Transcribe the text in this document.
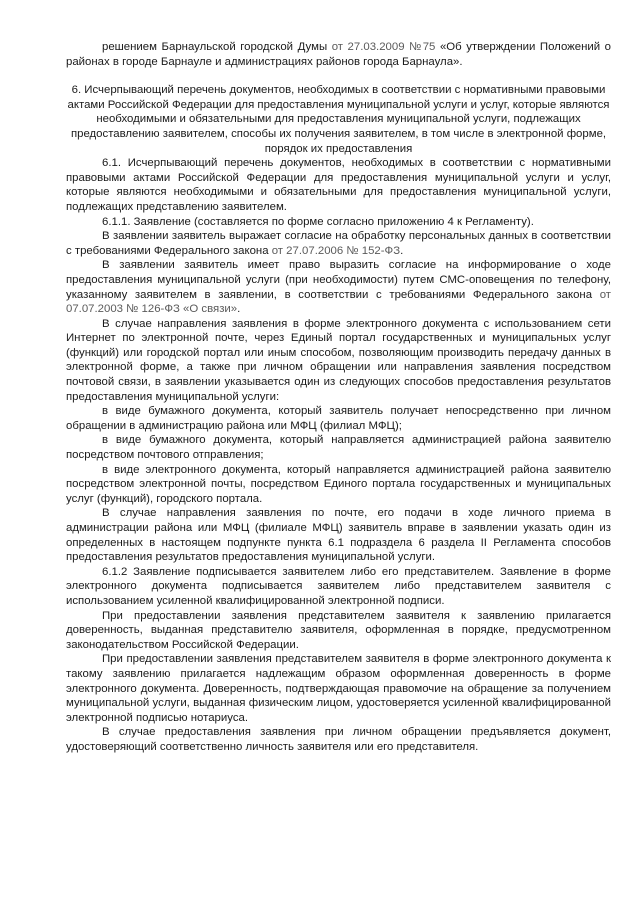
решением Барнаульской городской Думы от 27.03.2009 №75 «Об утверждении Положений о районах в городе Барнауле и администрациях районов города Барнаула».

6. Исчерпывающий перечень документов, необходимых в соответствии с нормативными правовыми актами Российской Федерации для предоставления муниципальной услуги и услуг, которые являются необходимыми и обязательными для предоставления муниципальной услуги, подлежащих предоставлению заявителем, способы их получения заявителем, в том числе в электронной форме, порядок их предоставления

6.1. Исчерпывающий перечень документов, необходимых в соответствии с нормативными правовыми актами Российской Федерации для предоставления муниципальной услуги и услуг, которые являются необходимыми и обязательными для предоставления муниципальной услуги, подлежащих представлению заявителем.

6.1.1. Заявление (составляется по форме согласно приложению 4 к Регламенту).

В заявлении заявитель выражает согласие на обработку персональных данных в соответствии с требованиями Федерального закона от 27.07.2006 № 152-ФЗ.

В заявлении заявитель имеет право выразить согласие на информирование о ходе предоставления муниципальной услуги (при необходимости) путем СМС-оповещения по телефону, указанному заявителем в заявлении, в соответствии с требованиями Федерального закона от 07.07.2003 № 126-ФЗ «О связи».

В случае направления заявления в форме электронного документа с использованием сети Интернет по электронной почте, через Единый портал государственных и муниципальных услуг (функций) или городской портал или иным способом, позволяющим производить передачу данных в электронной форме, а также при личном обращении или направления заявления посредством почтовой связи, в заявлении указывается один из следующих способов предоставления результатов предоставления муниципальной услуги:

в виде бумажного документа, который заявитель получает непосредственно при личном обращении в администрацию района или МФЦ (филиал МФЦ);

в виде бумажного документа, который направляется администрацией района заявителю посредством почтового отправления;

в виде электронного документа, который направляется администрацией района заявителю посредством электронной почты, посредством Единого портала государственных и муниципальных услуг (функций), городского портала.

В случае направления заявления по почте, его подачи в ходе личного приема в администрации района или МФЦ (филиале МФЦ) заявитель вправе в заявлении указать один из определенных в настоящем подпункте пункта 6.1 подраздела 6 раздела II Регламента способов предоставления результатов предоставления муниципальной услуги.

6.1.2 Заявление подписывается заявителем либо его представителем. Заявление в форме электронного документа подписывается заявителем либо представителем заявителя с использованием усиленной квалифицированной электронной подписи.

При предоставлении заявления представителем заявителя к заявлению прилагается доверенность, выданная представителю заявителя, оформленная в порядке, предусмотренном законодательством Российской Федерации.

При предоставлении заявления представителем заявителя в форме электронного документа к такому заявлению прилагается надлежащим образом оформленная доверенность в форме электронного документа. Доверенность, подтверждающая правомочие на обращение за получением муниципальной услуги, выданная физическим лицом, удостоверяется усиленной квалифицированной электронной подписью нотариуса.

В случае предоставления заявления при личном обращении предъявляется документ, удостоверяющий соответственно личность заявителя или его представителя.
